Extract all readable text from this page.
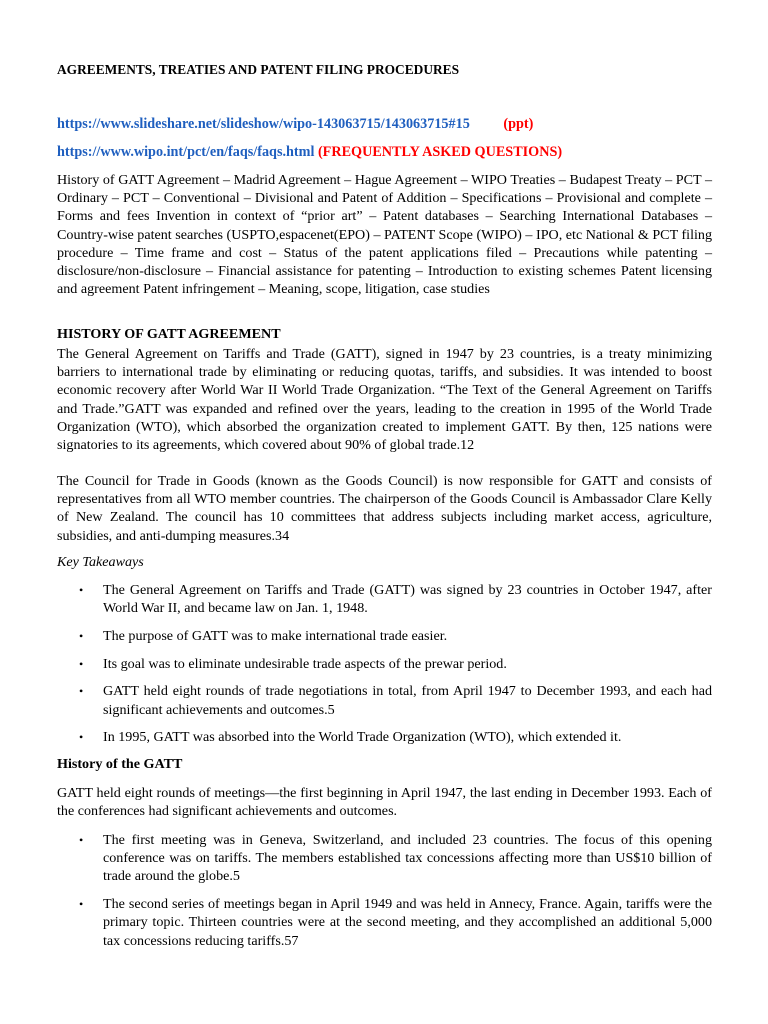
AGREEMENTS, TREATIES AND PATENT FILING PROCEDURES
https://www.slideshare.net/slideshow/wipo-143063715/143063715#15 (ppt)
https://www.wipo.int/pct/en/faqs/faqs.html (FREQUENTLY ASKED QUESTIONS)
History of GATT Agreement – Madrid Agreement – Hague Agreement – WIPO Treaties – Budapest Treaty – PCT – Ordinary – PCT – Conventional – Divisional and Patent of Addition – Specifications – Provisional and complete – Forms and fees Invention in context of “prior art” – Patent databases – Searching International Databases – Country-wise patent searches (USPTO,espacenet(EPO) – PATENT Scope (WIPO) – IPO, etc National & PCT filing procedure – Time frame and cost – Status of the patent applications filed – Precautions while patenting – disclosure/non-disclosure – Financial assistance for patenting – Introduction to existing schemes Patent licensing and agreement Patent infringement – Meaning, scope, litigation, case studies
HISTORY OF GATT AGREEMENT
The General Agreement on Tariffs and Trade (GATT), signed in 1947 by 23 countries, is a treaty minimizing barriers to international trade by eliminating or reducing quotas, tariffs, and subsidies. It was intended to boost economic recovery after World War II World Trade Organization. “The Text of the General Agreement on Tariffs and Trade.”GATT was expanded and refined over the years, leading to the creation in 1995 of the World Trade Organization (WTO), which absorbed the organization created to implement GATT. By then, 125 nations were signatories to its agreements, which covered about 90% of global trade.12
The Council for Trade in Goods (known as the Goods Council) is now responsible for GATT and consists of representatives from all WTO member countries. The chairperson of the Goods Council is Ambassador Clare Kelly of New Zealand. The council has 10 committees that address subjects including market access, agriculture, subsidies, and anti-dumping measures.34
Key Takeaways
• The General Agreement on Tariffs and Trade (GATT) was signed by 23 countries in October 1947, after World War II, and became law on Jan. 1, 1948.
• The purpose of GATT was to make international trade easier.
• Its goal was to eliminate undesirable trade aspects of the prewar period.
• GATT held eight rounds of trade negotiations in total, from April 1947 to December 1993, and each had significant achievements and outcomes.5
• In 1995, GATT was absorbed into the World Trade Organization (WTO), which extended it.
History of the GATT
GATT held eight rounds of meetings—the first beginning in April 1947, the last ending in December 1993. Each of the conferences had significant achievements and outcomes.
• The first meeting was in Geneva, Switzerland, and included 23 countries. The focus of this opening conference was on tariffs. The members established tax concessions affecting more than US$10 billion of trade around the globe.5
• The second series of meetings began in April 1949 and was held in Annecy, France. Again, tariffs were the primary topic. Thirteen countries were at the second meeting, and they accomplished an additional 5,000 tax concessions reducing tariffs.57
